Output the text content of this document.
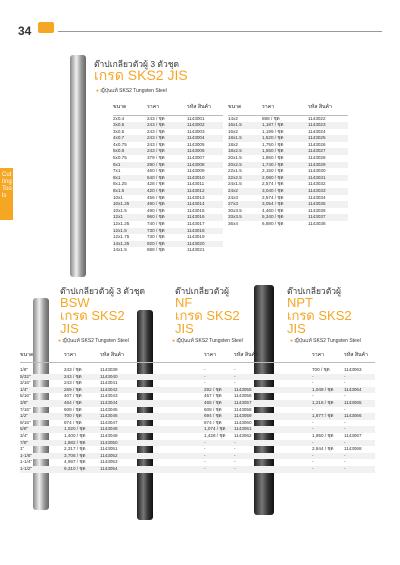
34
Cutting Tools
ต๊าปเกลียวตัวผู้ 3 ตัวชุด
เกรด SKS2 JIS
● ญี่ปุ่นแท้ SKS2 Tungsten Steel
ขนาด	ราคา	รหัส สินค้า
2x0.4	243 / ชุด	1143001
3x0.5	243 / ชุด	1143002
3x0.5	243 / ชุด	1143003
4x0.7	243 / ชุด	1143004
4x0.75	243 / ชุด	1143005
5x0.8	243 / ชุด	1143006
5x0.75	379 / ชุด	1143007
6x1	290 / ชุด	1143008
7x1	460 / ชุด	1143009
8x1	540 / ชุด	1143010
8x1.25	428 / ชุด	1143011
8x1.5	420 / ชุด	1143012
10x1	456 / ชุด	1143013
10x1.25	490 / ชุด	1143014
10x1.5	490 / ชุด	1143015
12x1	960 / ชุด	1143016
12x1.25	740 / ชุด	1143017
12x1.5	730 / ชุด	1143018
12x1.75	730 / ชุด	1143019
14x1.25	920 / ชุด	1143020
14x1.5	888 / ชุด	1143021
ขนาด	ราคา	รหัส สินค้า
14x2	888 / ชุด	1143022
16x1.5	1,187 / ชุด	1143023
16x2	1,199 / ชุด	1143024
18x1.5	1,520 / ชุด	1143025
18x2	1,750 / ชุด	1143026
18x2.5	1,550 / ชุด	1143027
20x1.5	1,850 / ชุด	1143028
20x2.5	1,740 / ชุด	1143029
22x1.5	2,150 / ชุด	1143030
22x2.5	2,080 / ชุด	1143031
24x1.5	2,574 / ชุด	1143032
24x2	3,040 / ชุด	1143033
24x3	2,574 / ชุด	1143034
27x3	3,054 / ชุด	1143035
30x3.5	4,460 / ชุด	1143036
33x3.5	5,340 / ชุด	1143037
36x4	6,880 / ชุด	1143038
ต๊าปเกลียวตัวผู้ 3 ตัวชุด
BSW
เกรด SKS2
JIS
● ญี่ปุ่นแท้ SKS2 Tungsten Steel
ต๊าปเกลียวตัวผู้
NF
เกรด SKS2
JIS
● ญี่ปุ่นแท้ SKS2 Tungsten Steel
ต๊าปเกลียวตัวผู้
NPT
เกรด SKS2
JIS
● ญี่ปุ่นแท้ SKS2 Tungsten Steel
ขนาด	ราคา	รหัส สินค้า	ราคา	รหัส สินค้า	ราคา	รหัส สินค้า
1/8"	243 / ชุด	1143039	-	-	700 / ชุด	1143063
5/32"	243 / ชุด	1143040	-	-	-	-
3/16"	243 / ชุด	1143041	-	-	-	-
1/4"	269 / ชุด	1143042	292 / ชุด	1143055	1,049 / ชุด	1143064
5/16"	407 / ชุด	1143043	457 / ชุด	1143056	-	-
3/8"	464 / ชุด	1143044	465 / ชุด	1143057	1,216 / ชุด	1143065
7/16"	608 / ชุด	1143045	608 / ชุด	1143058	-	-
1/2"	700 / ชุด	1143046	694 / ชุด	1143059	1,877 / ชุด	1143066
9/16"	874 / ชุด	1143047	874 / ชุด	1143060	-	-
5/8"	1,020 / ชุด	1143048	1,074 / ชุด	1143061	-	-
3/4"	1,400 / ชุด	1143049	1,428 / ชุด	1143062	1,950 / ชุด	1143067
7/8"	1,882 / ชุด	1143050	-	-	-	-
1"	2,317 / ชุด	1143051	-	-	2,944 / ชุด	1143068
1-1/8"	3,708 / ชุด	1143052	-	-	-	-
1-1/4"	4,997 / ชุด	1143053	-	-	-	-
1-1/2"	9,310 / ชุด	1143054	-	-	-	-
